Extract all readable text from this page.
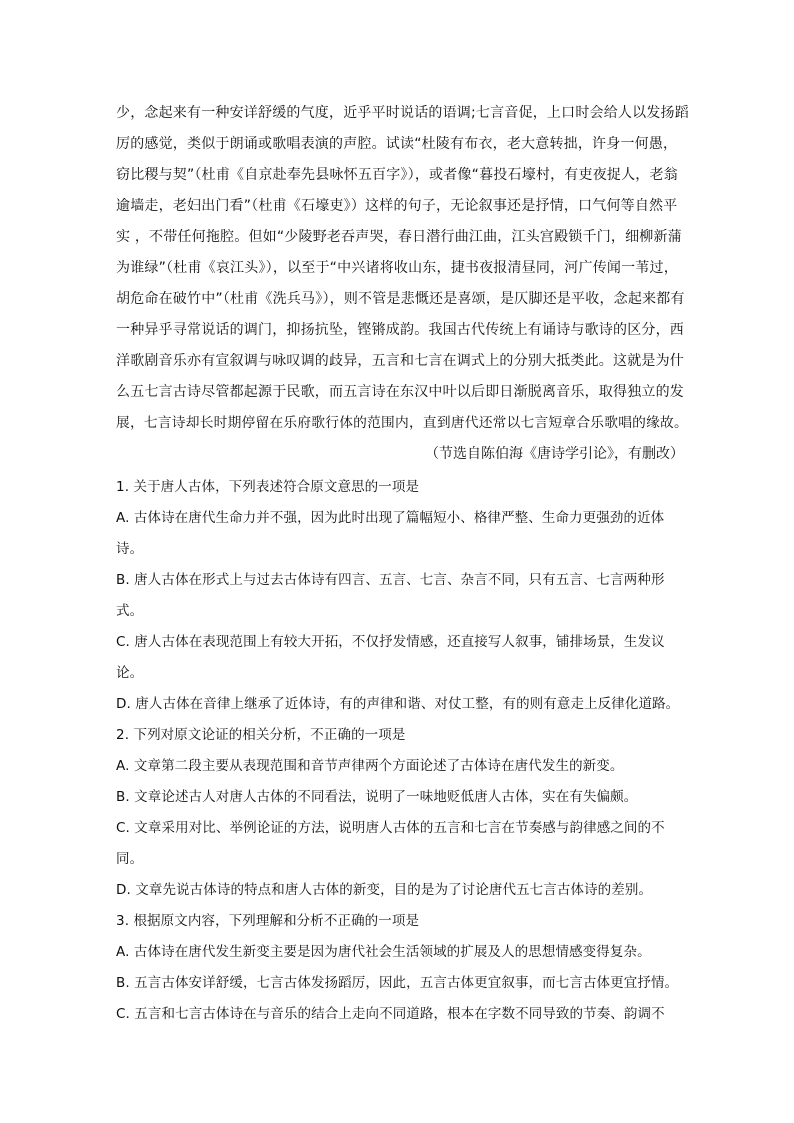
少，念起来有一种安详舒缓的气度，近乎平时说话的语调;七言音促，上口时会给人以发扬蹈
厉的感觉，类似于朗诵或歌唱表演的声腔。试读“杜陵有布衣，老大意转拙，许身一何愚，
窃比稷与契”（杜甫《自京赴奉先县咏怀五百字》），或者像“暮投石壕村，有吏夜捉人，老翁
逾墙走，老妇出门看”（杜甫《石壕吏》）这样的句子，无论叙事还是抒情，口气何等自然平
实 ，不带任何拖腔。但如“少陵野老吞声哭，春日潜行曲江曲，江头宫殿锁千门，细柳新蒲
为谁绿”（杜甫《哀江头》），以至于“中兴诸将收山东，捷书夜报清昼同，河广传闻一苇过，
胡危命在破竹中”（杜甫《洗兵马》），则不管是悲慨还是喜颂，是仄脚还是平收，念起来都有
一种异乎寻常说话的调门，抑扬抗坠，铿锵成韵。我国古代传统上有诵诗与歌诗的区分，西
洋歌剧音乐亦有宣叙调与咏叹调的歧异，五言和七言在调式上的分别大抵类此。这就是为什
么五七言古诗尽管都起源于民歌，而五言诗在东汉中叶以后即日渐脱离音乐，取得独立的发
展，七言诗却长时期停留在乐府歌行体的范围内，直到唐代还常以七言短章合乐歌唱的缘故。
（节选自陈伯海《唐诗学引论》，有删改）
1. 关于唐人古体，下列表述符合原文意思的一项是
A. 古体诗在唐代生命力并不强，因为此时出现了篇幅短小、格律严整、生命力更强劲的近体
诗。
B. 唐人古体在形式上与过去古体诗有四言、五言、七言、杂言不同，只有五言、七言两种形
式。
C. 唐人古体在表现范围上有较大开拓，不仅抒发情感，还直接写人叙事，铺排场景，生发议
论。
D. 唐人古体在音律上继承了近体诗，有的声律和谐、对仗工整，有的则有意走上反律化道路。
2. 下列对原文论证的相关分析，不正确的一项是
A. 文章第二段主要从表现范围和音节声律两个方面论述了古体诗在唐代发生的新变。
B. 文章论述古人对唐人古体的不同看法，说明了一味地贬低唐人古体，实在有失偏颇。
C. 文章采用对比、举例论证的方法，说明唐人古体的五言和七言在节奏感与韵律感之间的不
同。
D. 文章先说古体诗的特点和唐人古体的新变，目的是为了讨论唐代五七言古体诗的差别。
3. 根据原文内容，下列理解和分析不正确的一项是
A. 古体诗在唐代发生新变主要是因为唐代社会生活领域的扩展及人的思想情感变得复杂。
B. 五言古体安详舒缓，七言古体发扬蹈厉，因此，五言古体更宜叙事，而七言古体更宜抒情。
C. 五言和七言古体诗在与音乐的结合上走向不同道路，根本在字数不同导致的节奏、韵调不
